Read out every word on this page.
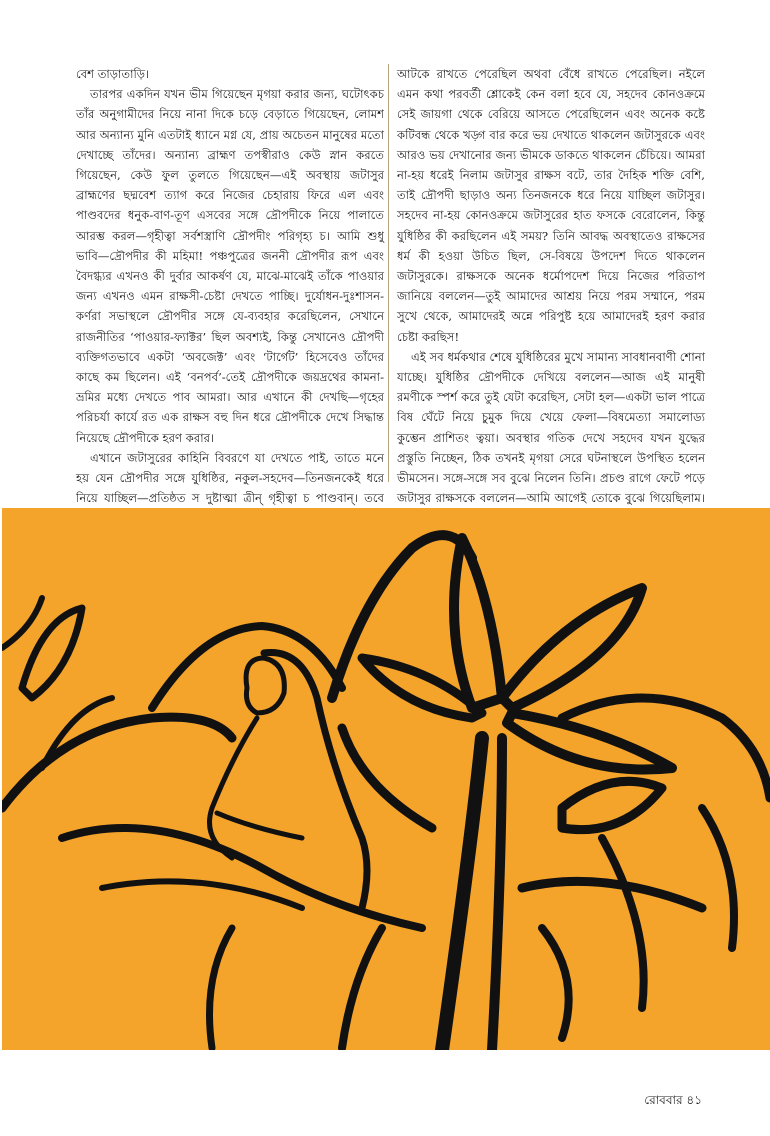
বেশ তাড়াতাড়ি।

তারপর একদিন যখন ভীম গিয়েছেন মৃগয়া করার জন্য, ঘটোৎকচ তাঁর অনুগামীদের নিয়ে নানা দিকে চড়ে বেড়াতে গিয়েছেন, লোমশ আর অন্যান্য মুনি এতটাই ধ্যানে মগ্ন যে, প্রায় অচেতন মানুষের মতো দেখাচ্ছে তাঁদের। অন্যান্য ব্রাহ্মণ তপস্বীরাও কেউ স্নান করতে গিয়েছেন, কেউ ফুল তুলতে গিয়েছেন—এই অবস্থায় জটাসুর ব্রাহ্মণের ছদ্মবেশ ত্যাগ করে নিজের চেহারায় ফিরে এল এবং পাণ্ডবদের ধনুক-বাণ-তূণ এসবের সঙ্গে দ্রৌপদীকে নিয়ে পালাতে আরম্ভ করল—গৃহীত্বা সর্বশস্ত্রাণি দ্রৌপদীং পরিগৃহ্য চ। আমি শুধু ভাবি—দ্রৌপদীর কী মহিমা! পঞ্চপুত্রের জননী দ্রৌপদীর রূপ এবং বৈদগ্ধ্যর এখনও কী দুর্বার আকর্ষণ যে, মাঝে-মাঝেই তাঁকে পাওয়ার জন্য এখনও এমন রাক্ষসী-চেষ্টা দেখতে পাচ্ছি। দুর্যোধন-দুঃশাসন-কর্ণরা সভাস্থলে দ্রৌপদীর সঙ্গে যে-ব্যবহার করেছিলেন, সেখানে রাজনীতির ‘পাওয়ার-ফ্যাক্টর’ ছিল অবশ্যই, কিন্তু সেখানেও দ্রৌপদী ব্যক্তিগতভাবে একটা ‘অবজেক্ট’ এবং ‘টার্গেট’ হিসেবেও তাঁদের কাছে কম ছিলেন। এই ‘বনপর্ব’-তেই দ্রৌপদীকে জয়দ্রথের কামনা-ভ্রমির মধ্যে দেখতে পাব আমরা। আর এখানে কী দেখছি—গৃহের পরিচর্যা কার্যে রত এক রাক্ষস বহু দিন ধরে দ্রৌপদীকে দেখে সিদ্ধান্ত নিয়েছে দ্রৌপদীকে হরণ করার।

এখানে জটাসুরের কাহিনি বিবরণে যা দেখতে পাই, তাতে মনে হয় যেন দ্রৌপদীর সঙ্গে যুধিষ্ঠির, নকুল-সহদেব—তিনজনকেই ধরে নিয়ে যাচ্ছিল—প্রতিষ্ঠত স দুষ্টাত্মা ত্রীন্ গৃহীত্বা চ পাণ্ডবান্। তবে

আটকে রাখতে পেরেছিল অথবা বেঁধে রাখতে পেরেছিল। নইলে এমন কথা পরবর্তী শ্লোকেই কেন বলা হবে যে, সহদেব কোনওক্রমে সেই জায়গা থেকে বেরিয়ে আসতে পেরেছিলেন এবং অনেক কষ্টে কটিবন্ধ থেকে খড়্গ বার করে ভয় দেখাতে থাকলেন জটাসুরকে এবং আরও ভয় দেখানোর জন্য ভীমকে ডাকতে থাকলেন চেঁচিয়ে। আমরা না-হয় ধরেই নিলাম জটাসুর রাক্ষস বটে, তার দৈহিক শক্তি বেশি, তাই দ্রৌপদী ছাড়াও অন্য তিনজনকে ধরে নিয়ে যাচ্ছিল জটাসুর। সহদেব না-হয় কোনওক্রমে জটাসুরের হাত ফসকে বেরোলেন, কিন্তু যুধিষ্ঠির কী করছিলেন এই সময়? তিনি আবদ্ধ অবস্থাতেও রাক্ষসের ধর্ম কী হওয়া উচিত ছিল, সে-বিষয়ে উপদেশ দিতে থাকলেন জটাসুরকে। রাক্ষসকে অনেক ধর্মোপদেশ দিয়ে নিজের পরিতাপ জানিয়ে বললেন—তুই আমাদের আশ্রয় নিয়ে পরম সম্মানে, পরম সুখে থেকে, আমাদেরই অন্নে পরিপুষ্ট হয়ে আমাদেরই হরণ করার চেষ্টা করছিস!

এই সব ধর্মকথার শেষে যুধিষ্ঠিরের মুখে সামান্য সাবধানবাণী শোনা যাচ্ছে। যুধিষ্ঠির দ্রৌপদীকে দেখিয়ে বললেন—আজ এই মানুষী রমণীকে স্পর্শ করে তুই যেটা করেছিস, সেটা হল—একটা ভাল পাত্রে বিষ ঘেঁটে নিয়ে চুমুক দিয়ে খেয়ে ফেলা—বিষমেত্যা সমালোড্য কুম্ভেন প্রাশিতং ত্বয়া। অবস্থার গতিক দেখে সহদেব যখন যুদ্ধের প্রস্তুতি নিচ্ছেন, ঠিক তখনই মৃগয়া সেরে ঘটনাস্থলে উপস্থিত হলেন ভীমসেন। সঙ্গে-সঙ্গে সব বুঝে নিলেন তিনি। প্রচণ্ড রাগে ফেটে পড়ে জটাসুর রাক্ষসকে বললেন—আমি আগেই তোকে বুঝে গিয়েছিলাম।

রোববার ৪১
